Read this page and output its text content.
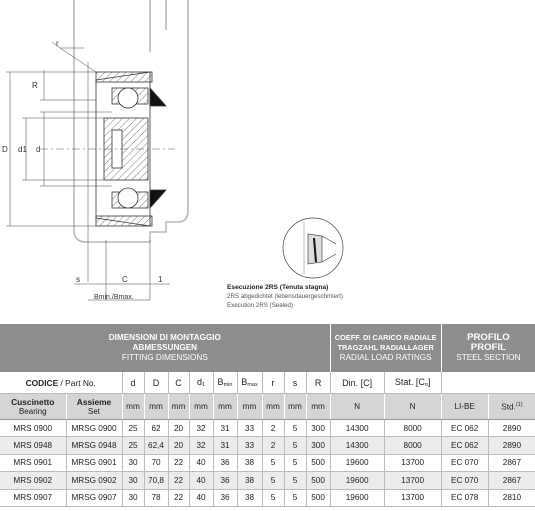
r
R
D d1 d
s	C	1
Bmin./Bmax.
Esecuzione 2RS (Tenuta stagna)
2RS abgedichtet (lebensdauergeschmiert)
Execution 2RS (Sealed)
DIMENSIONI DI MONTAGGIO
ABMESSUNGEN
FITTING DIMENSIONS											COEFF. DI CARICO RADIALE
TRAGZAHL RADIALLAGER
RADIAL LOAD RATINGS		PROFILO
PROFIL
STEEL SECTION	

CODICE / Part No.		d	D	C	$d_1$	$B_{min}$	$B_{max}$	r	s	R	Din. [C]	Stat. $[C_o]$		

Cuscinetto
Bearing	Assieme
Set	mm	mm	mm	mm	mm	mm	mm	mm	mm	N	N	LI-BE	Std.$^{(1)}$
MRS 0900	MRSG 0900	25	62	20	32	31	33	2	5	300	14300	8000	EC 062	2890
MRS 0948	MRSG 0948	25	62,4	20	32	31	33	2	5	300	14300	8000	EC 062	2890
MRS 0901	MRSG 0901	30	70	22	40	36	38	5	5	500	19600	13700	EC 070	2867
MRS 0902	MRSG 0902	30	70,8	22	40	36	38	5	5	500	19600	13700	EC 070	2867
MRS 0907	MRSG 0907	30	78	22	40	36	38	5	5	500	19600	13700	EC 078	2810
